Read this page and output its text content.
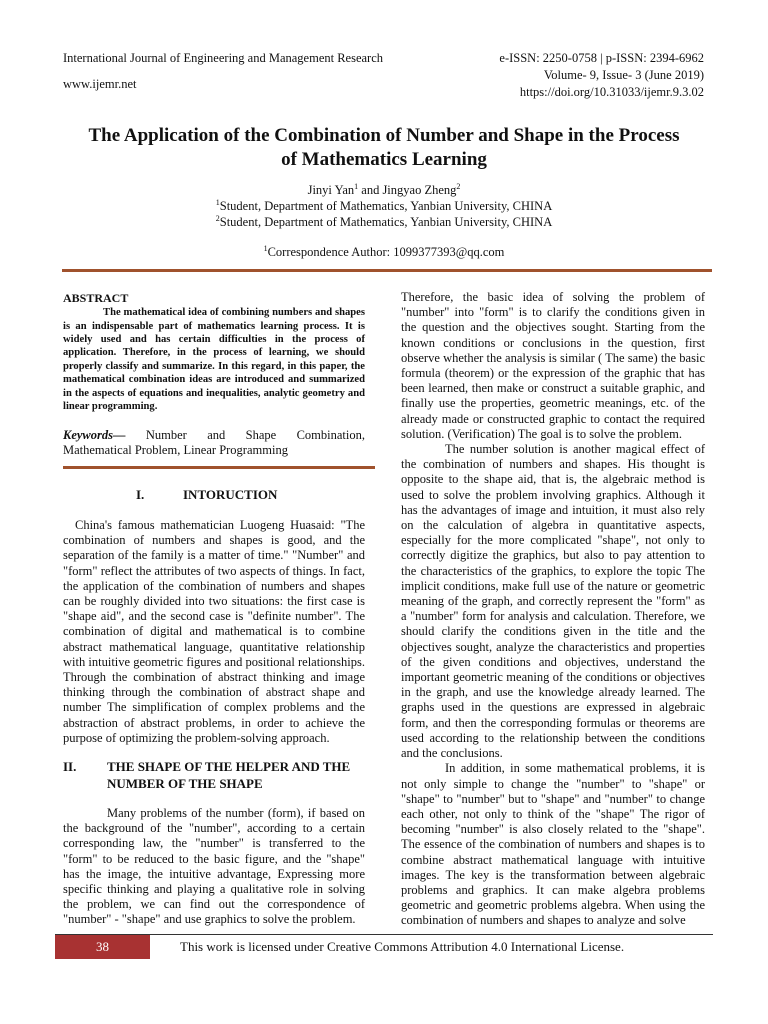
International Journal of Engineering and Management Research
www.ijemr.net
e-ISSN: 2250-0758 | p-ISSN: 2394-6962
Volume- 9, Issue- 3 (June 2019)
https://doi.org/10.31033/ijemr.9.3.02
The Application of the Combination of Number and Shape in the Process
of Mathematics Learning
Jinyi Yan$^1$ and Jingyao Zheng$^2$
$^1$Student, Department of Mathematics, Yanbian University, CHINA
$^2$Student, Department of Mathematics, Yanbian University, CHINA
$^1$Correspondence Author: 1099377393@qq.com
ABSTRACT

The mathematical idea of combining numbers and shapes is an indispensable part of mathematics learning process. It is widely used and has certain difficulties in the process of application. Therefore, in the process of learning, we should properly classify and summarize. In this regard, in this paper, the mathematical combination ideas are introduced and summarized in the aspects of equations and inequalities, analytic geometry and linear programming.

Keywords— Number and Shape Combination, Mathematical Problem, Linear Programming

I.	INTORUCTION

China's famous mathematician Luogeng Huasaid: "The combination of numbers and shapes is good, and the separation of the family is a matter of time." "Number" and "form" reflect the attributes of two aspects of things. In fact, the application of the combination of numbers and shapes can be roughly divided into two situations: the first case is "shape aid", and the second case is "definite number". The combination of digital and mathematical is to combine abstract mathematical language, quantitative relationship with intuitive geometric figures and positional relationships. Through the combination of abstract thinking and image thinking through the combination of abstract shape and number The simplification of complex problems and the abstraction of abstract problems, in order to achieve the purpose of optimizing the problem-solving approach.

II. THE SHAPE OF THE HELPER AND THE NUMBER OF THE SHAPE

Many problems of the number (form), if based on the background of the "number", according to a certain corresponding law, the "number" is transferred to the "form" to be reduced to the basic figure, and the "shape" has the image, the intuitive advantage, Expressing more specific thinking and playing a qualitative role in solving the problem, we can find out the correspondence of "number" - "shape" and use graphics to solve the problem.

Therefore, the basic idea of solving the problem of "number" into "form" is to clarify the conditions given in the question and the objectives sought. Starting from the known conditions or conclusions in the question, first observe whether the analysis is similar ( The same) the basic formula (theorem) or the expression of the graphic that has been learned, then make or construct a suitable graphic, and finally use the properties, geometric meanings, etc. of the already made or constructed graphic to contact the required solution. (Verification) The goal is to solve the problem.

The number solution is another magical effect of the combination of numbers and shapes. His thought is opposite to the shape aid, that is, the algebraic method is used to solve the problem involving graphics. Although it has the advantages of image and intuition, it must also rely on the calculation of algebra in quantitative aspects, especially for the more complicated "shape", not only to correctly digitize the graphics, but also to pay attention to the characteristics of the graphics, to explore the topic The implicit conditions, make full use of the nature or geometric meaning of the graph, and correctly represent the "form" as a "number" form for analysis and calculation. Therefore, we should clarify the conditions given in the title and the objectives sought, analyze the characteristics and properties of the given conditions and objectives, understand the important geometric meaning of the conditions or objectives in the graph, and use the knowledge already learned. The graphs used in the questions are expressed in algebraic form, and then the corresponding formulas or theorems are used according to the relationship between the conditions and the conclusions.

In addition, in some mathematical problems, it is not only simple to change the "number" to "shape" or "shape" to "number" but to "shape" and "number" to change each other, not only to think of the "shape" The rigor of becoming "number" is also closely related to the "shape". The essence of the combination of numbers and shapes is to combine abstract mathematical language with intuitive images. The key is the transformation between algebraic problems and graphics. It can make algebra problems geometric and geometric problems algebra. When using the combination of numbers and shapes to analyze and solve

38	This work is licensed under Creative Commons Attribution 4.0 International License.
